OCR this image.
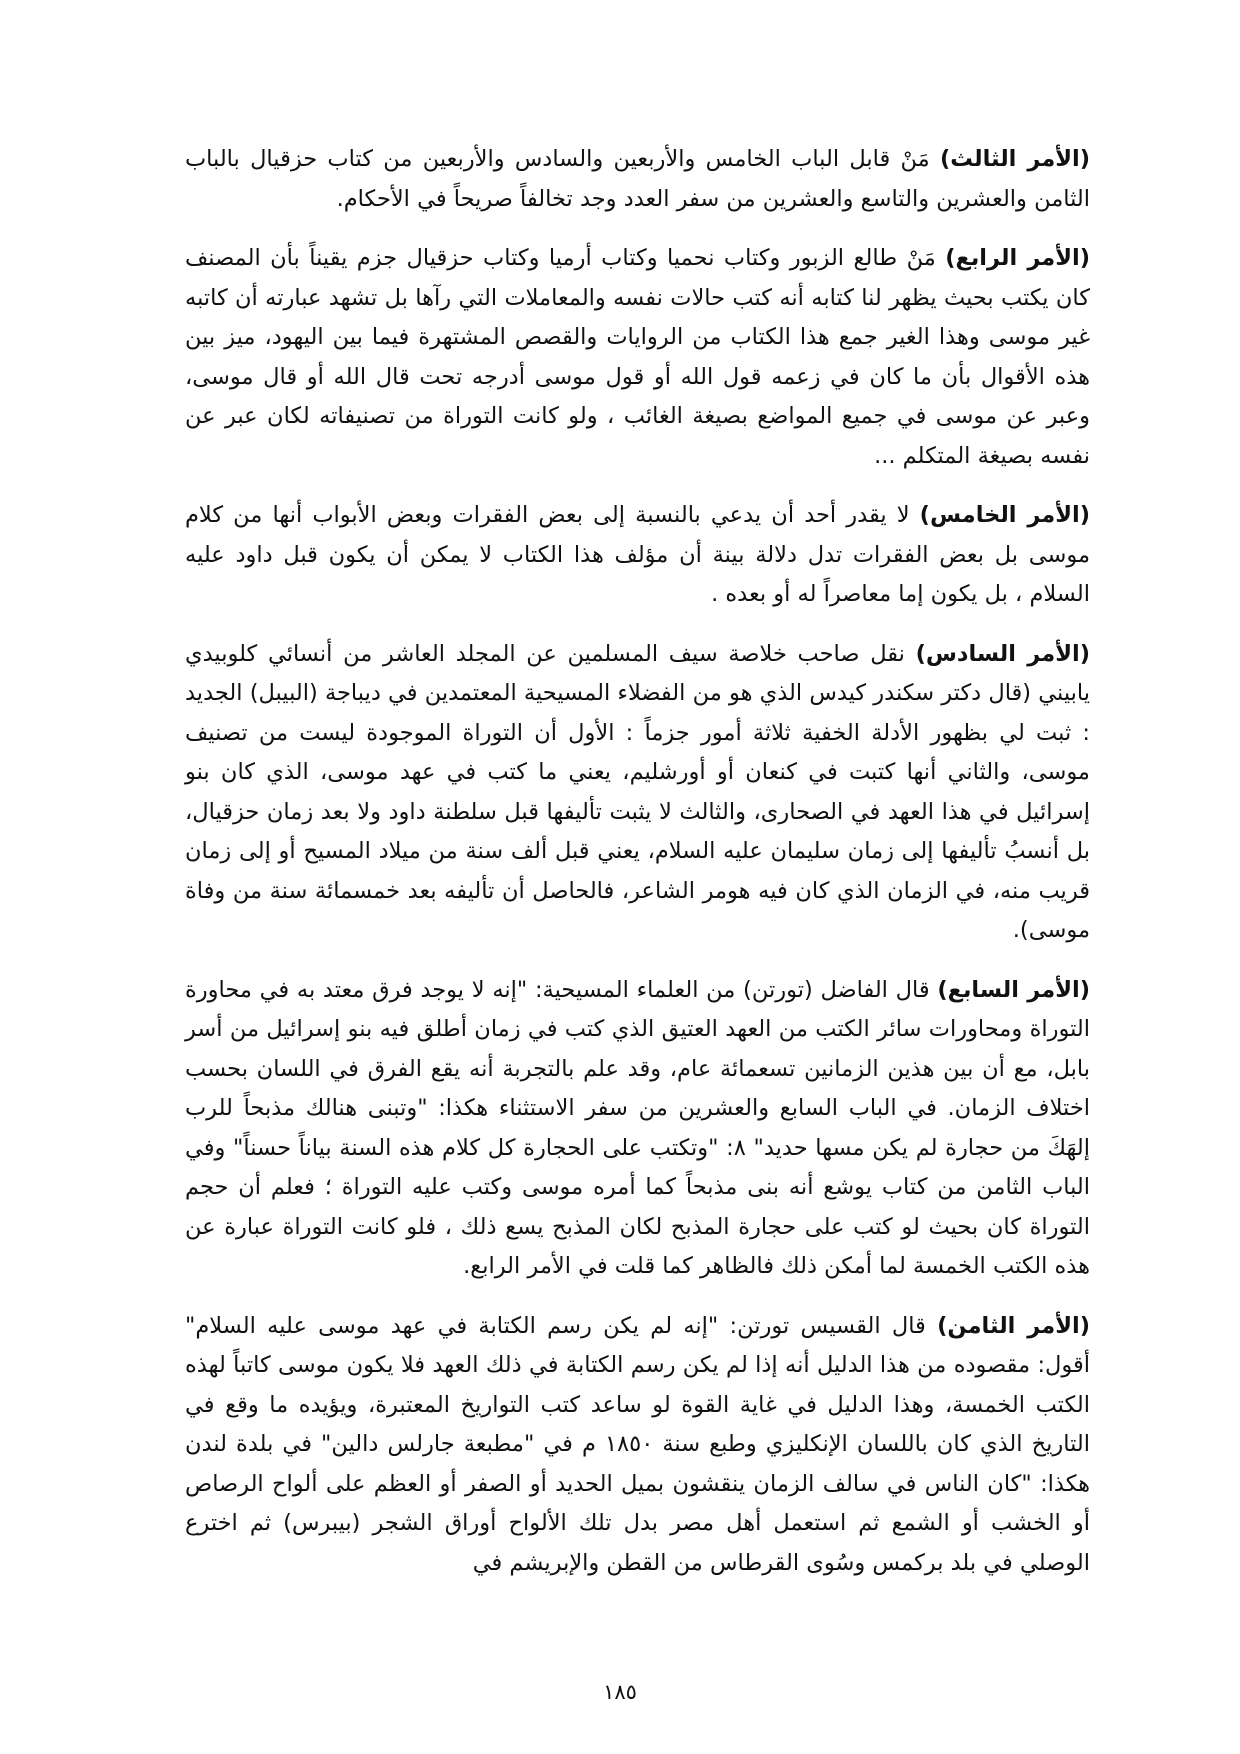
(الأمر الثالث) مَنْ قابل الباب الخامس والأربعين والسادس والأربعين من كتاب حزقيال بالباب الثامن والعشرين والتاسع والعشرين من سفر العدد وجد تخالفاً صريحاً في الأحكام.

(الأمر الرابع) مَنْ طالع الزبور وكتاب نحميا وكتاب أرميا وكتاب حزقيال جزم يقيناً بأن المصنف كان يكتب بحيث يظهر لنا كتابه أنه كتب حالات نفسه والمعاملات التي رآها بل تشهد عبارته أن كاتبه غير موسى وهذا الغير جمع هذا الكتاب من الروايات والقصص المشتهرة فيما بين اليهود، ميز بين هذه الأقوال بأن ما كان في زعمه قول الله أو قول موسى أدرجه تحت قال الله أو قال موسى، وعبر عن موسى في جميع المواضع بصيغة الغائب ، ولو كانت التوراة من تصنيفاته لكان عبر عن نفسه بصيغة المتكلم ...

(الأمر الخامس) لا يقدر أحد أن يدعي بالنسبة إلى بعض الفقرات وبعض الأبواب أنها من كلام موسى بل بعض الفقرات تدل دلالة بينة أن مؤلف هذا الكتاب لا يمكن أن يكون قبل داود عليه السلام ، بل يكون إما معاصراً له أو بعده .

(الأمر السادس) نقل صاحب خلاصة سيف المسلمين عن المجلد العاشر من أنسائي كلوبيدي يابيني (قال دكتر سكندر كيدس الذي هو من الفضلاء المسيحية المعتمدين في ديباجة (البيبل) الجديد : ثبت لي بظهور الأدلة الخفية ثلاثة أمور جزماً : الأول أن التوراة الموجودة ليست من تصنيف موسى، والثاني أنها كتبت في كنعان أو أورشليم، يعني ما كتب في عهد موسى، الذي كان بنو إسرائيل في هذا العهد في الصحارى، والثالث لا يثبت تأليفها قبل سلطنة داود ولا بعد زمان حزقيال، بل أنسبُ تأليفها إلى زمان سليمان عليه السلام، يعني قبل ألف سنة من ميلاد المسيح أو إلى زمان قريب منه، في الزمان الذي كان فيه هومر الشاعر، فالحاصل أن تأليفه بعد خمسمائة سنة من وفاة موسى).

(الأمر السابع) قال الفاضل (تورتن) من العلماء المسيحية: "إنه لا يوجد فرق معتد به في محاورة التوراة ومحاورات سائر الكتب من العهد العتيق الذي كتب في زمان أطلق فيه بنو إسرائيل من أسر بابل، مع أن بين هذين الزمانين تسعمائة عام، وقد علم بالتجربة أنه يقع الفرق في اللسان بحسب اختلاف الزمان. في الباب السابع والعشرين من سفر الاستثناء هكذا: "وتبنى هنالك مذبحاً للرب إلهَكَ من حجارة لم يكن مسها حديد" ٨: "وتكتب على الحجارة كل كلام هذه السنة بياناً حسناً" وفي الباب الثامن من كتاب يوشع أنه بنى مذبحاً كما أمره موسى وكتب عليه التوراة ؛ فعلم أن حجم التوراة كان بحيث لو كتب على حجارة المذبح لكان المذبح يسع ذلك ، فلو كانت التوراة عبارة عن هذه الكتب الخمسة لما أمكن ذلك فالظاهر كما قلت في الأمر الرابع.

(الأمر الثامن) قال القسيس تورتن: "إنه لم يكن رسم الكتابة في عهد موسى عليه السلام" أقول: مقصوده من هذا الدليل أنه إذا لم يكن رسم الكتابة في ذلك العهد فلا يكون موسى كاتباً لهذه الكتب الخمسة، وهذا الدليل في غاية القوة لو ساعد كتب التواريخ المعتبرة، ويؤيده ما وقع في التاريخ الذي كان باللسان الإنكليزي وطبع سنة ١٨٥٠ م في "مطبعة جارلس دالين" في بلدة لندن هكذا: "كان الناس في سالف الزمان ينقشون بميل الحديد أو الصفر أو العظم على ألواح الرصاص أو الخشب أو الشمع ثم استعمل أهل مصر بدل تلك الألواح أوراق الشجر (بيبرس) ثم اخترع الوصلي في بلد بركمس وسُوى القرطاس من القطن والإبريشم في

١٨٥
